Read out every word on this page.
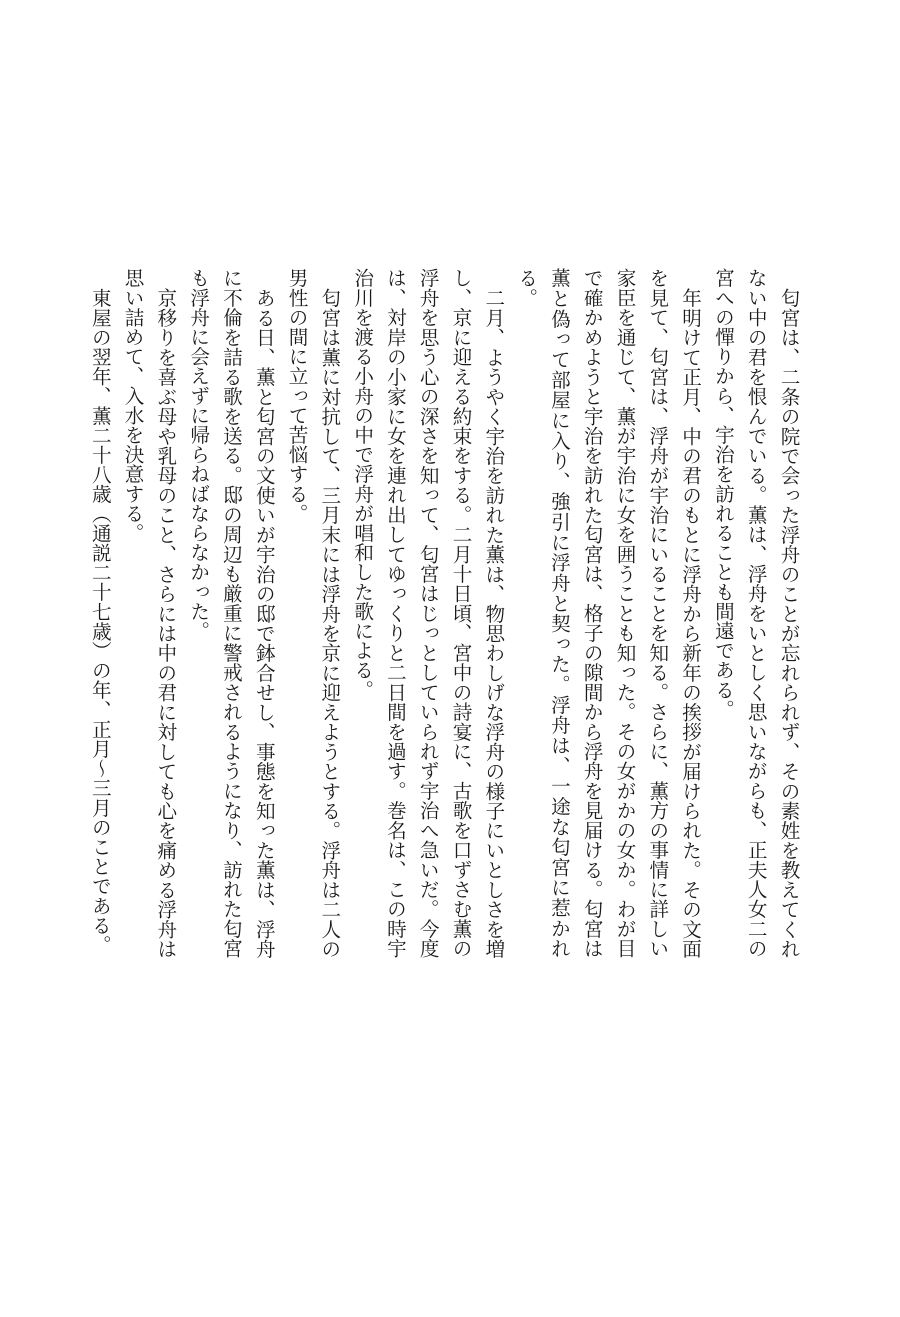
匂宮は、二条の院で会った浮舟のことが忘れられず、その素姓を教えてくれない中の君を恨んでいる。薫は、浮舟をいとしく思いながらも、正夫人女二の宮への憚りから、宇治を訪れることも間遠である。

年明けて正月、中の君のもとに浮舟から新年の挨拶が届けられた。その文面を見て、匂宮は、浮舟が宇治にいることを知る。さらに、薫方の事情に詳しい家臣を通じて、薫が宇治に女を囲うことも知った。その女がかの女か。わが目で確かめようと宇治を訪れた匂宮は、格子の隙間から浮舟を見届ける。匂宮は薫と偽って部屋に入り、強引に浮舟と契った。浮舟は、一途な匂宮に惹かれる。

二月、ようやく宇治を訪れた薫は、物思わしげな浮舟の様子にいとしさを増し、京に迎える約束をする。二月十日頃、宮中の詩宴に、古歌を口ずさむ薫の浮舟を思う心の深さを知って、匂宮はじっとしていられず宇治へ急いだ。今度は、対岸の小家に女を連れ出してゆっくりと二日間を過す。巻名は、この時宇治川を渡る小舟の中で浮舟が唱和した歌による。

匂宮は薫に対抗して、三月末には浮舟を京に迎えようとする。浮舟は二人の男性の間に立って苦悩する。

ある日、薫と匂宮の文使いが宇治の邸で鉢合せし、事態を知った薫は、浮舟に不倫を詰る歌を送る。邸の周辺も厳重に警戒されるようになり、訪れた匂宮も浮舟に会えずに帰らねばならなかった。

京移りを喜ぶ母や乳母のこと、さらには中の君に対しても心を痛める浮舟は思い詰めて、入水を決意する。

東屋の翌年、薫二十八歳（通説二十七歳）の年、正月〜三月のことである。
